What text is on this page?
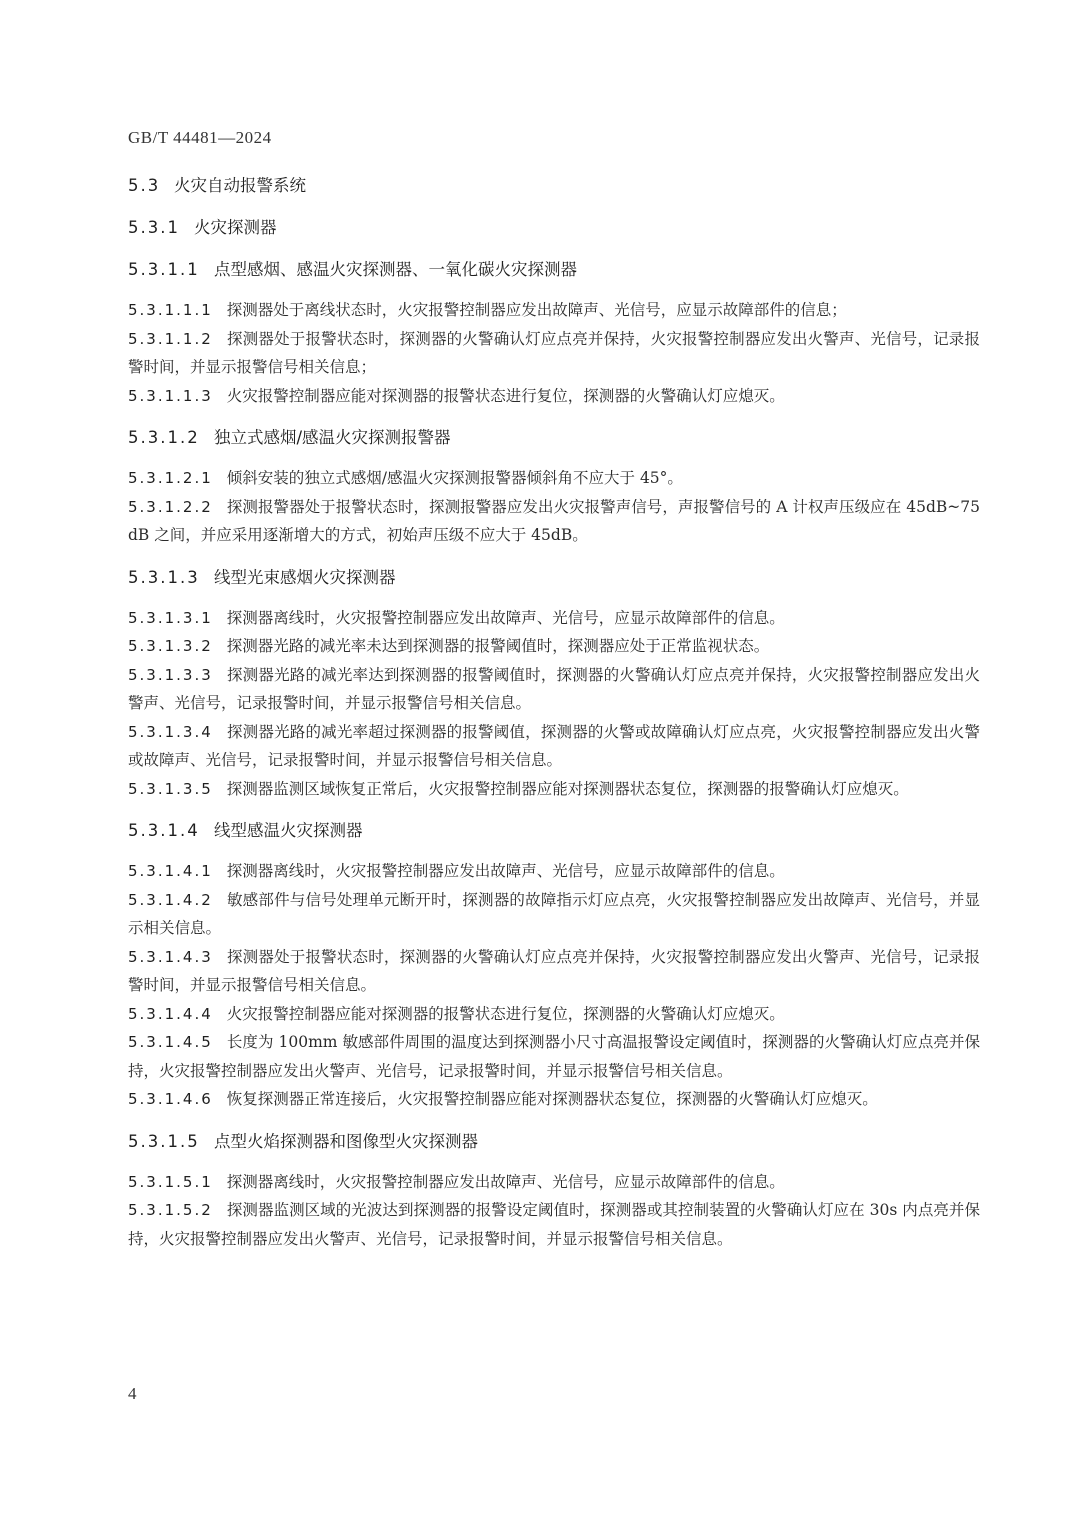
GB/T 44481—2024
5.3 火灾自动报警系统
5.3.1 火灾探测器
5.3.1.1 点型感烟、感温火灾探测器、一氧化碳火灾探测器
5.3.1.1.1 探测器处于离线状态时，火灾报警控制器应发出故障声、光信号，应显示故障部件的信息；
5.3.1.1.2 探测器处于报警状态时，探测器的火警确认灯应点亮并保持，火灾报警控制器应发出火警声、光信号，记录报警时间，并显示报警信号相关信息；
5.3.1.1.3 火灾报警控制器应能对探测器的报警状态进行复位，探测器的火警确认灯应熄灭。
5.3.1.2 独立式感烟/感温火灾探测报警器
5.3.1.2.1 倾斜安装的独立式感烟/感温火灾探测报警器倾斜角不应大于 45°。
5.3.1.2.2 探测报警器处于报警状态时，探测报警器应发出火灾报警声信号，声报警信号的 A 计权声压级应在 45dB~75dB 之间，并应采用逐渐增大的方式，初始声压级不应大于 45dB。
5.3.1.3 线型光束感烟火灾探测器
5.3.1.3.1 探测器离线时，火灾报警控制器应发出故障声、光信号，应显示故障部件的信息。
5.3.1.3.2 探测器光路的减光率未达到探测器的报警阈值时，探测器应处于正常监视状态。
5.3.1.3.3 探测器光路的减光率达到探测器的报警阈值时，探测器的火警确认灯应点亮并保持，火灾报警控制器应发出火警声、光信号，记录报警时间，并显示报警信号相关信息。
5.3.1.3.4 探测器光路的减光率超过探测器的报警阈值，探测器的火警或故障确认灯应点亮，火灾报警控制器应发出火警或故障声、光信号，记录报警时间，并显示报警信号相关信息。
5.3.1.3.5 探测器监测区域恢复正常后，火灾报警控制器应能对探测器状态复位，探测器的报警确认灯应熄灭。
5.3.1.4 线型感温火灾探测器
5.3.1.4.1 探测器离线时，火灾报警控制器应发出故障声、光信号，应显示故障部件的信息。
5.3.1.4.2 敏感部件与信号处理单元断开时，探测器的故障指示灯应点亮，火灾报警控制器应发出故障声、光信号，并显示相关信息。
5.3.1.4.3 探测器处于报警状态时，探测器的火警确认灯应点亮并保持，火灾报警控制器应发出火警声、光信号，记录报警时间，并显示报警信号相关信息。
5.3.1.4.4 火灾报警控制器应能对探测器的报警状态进行复位，探测器的火警确认灯应熄灭。
5.3.1.4.5 长度为 100mm 敏感部件周围的温度达到探测器小尺寸高温报警设定阈值时，探测器的火警确认灯应点亮并保持，火灾报警控制器应发出火警声、光信号，记录报警时间，并显示报警信号相关信息。
5.3.1.4.6 恢复探测器正常连接后，火灾报警控制器应能对探测器状态复位，探测器的火警确认灯应熄灭。
5.3.1.5 点型火焰探测器和图像型火灾探测器
5.3.1.5.1 探测器离线时，火灾报警控制器应发出故障声、光信号，应显示故障部件的信息。
5.3.1.5.2 探测器监测区域的光波达到探测器的报警设定阈值时，探测器或其控制装置的火警确认灯应在 30s 内点亮并保持，火灾报警控制器应发出火警声、光信号，记录报警时间，并显示报警信号相关信息。
4
